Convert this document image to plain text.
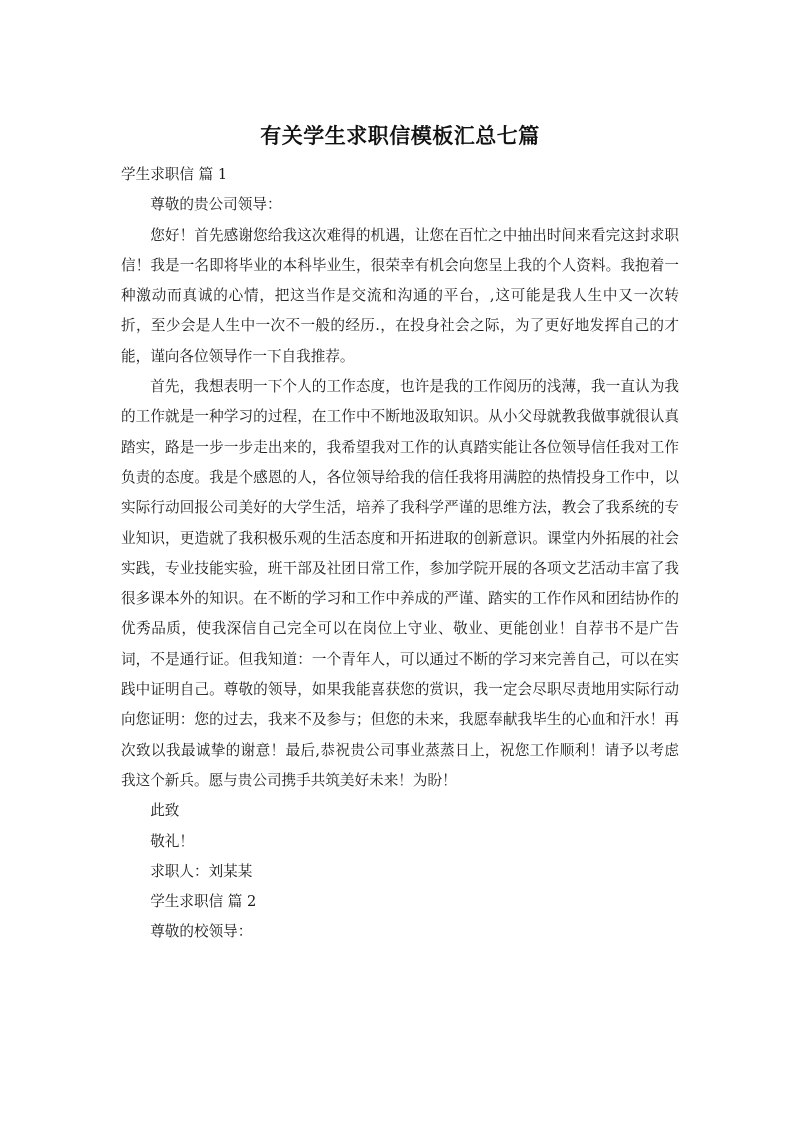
有关学生求职信模板汇总七篇

学生求职信 篇 1

尊敬的贵公司领导：

您好！首先感谢您给我这次难得的机遇，让您在百忙之中抽出时间来看完这封求职信！我是一名即将毕业的本科毕业生，很荣幸有机会向您呈上我的个人资料。我抱着一种激动而真诚的心情，把这当作是交流和沟通的平台，,这可能是我人生中又一次转折，至少会是人生中一次不一般的经历.，在投身社会之际，为了更好地发挥自己的才能，谨向各位领导作一下自我推荐。

首先，我想表明一下个人的工作态度，也许是我的工作阅历的浅薄，我一直认为我的工作就是一种学习的过程，在工作中不断地汲取知识。从小父母就教我做事就很认真踏实，路是一步一步走出来的，我希望我对工作的认真踏实能让各位领导信任我对工作负责的态度。我是个感恩的人，各位领导给我的信任我将用满腔的热情投身工作中，以实际行动回报公司美好的大学生活，培养了我科学严谨的思维方法，教会了我系统的专业知识，更造就了我积极乐观的生活态度和开拓进取的创新意识。课堂内外拓展的社会实践，专业技能实验，班干部及社团日常工作，参加学院开展的各项文艺活动丰富了我很多课本外的知识。在不断的学习和工作中养成的严谨、踏实的工作作风和团结协作的优秀品质，使我深信自己完全可以在岗位上守业、敬业、更能创业！自荐书不是广告词，不是通行证。但我知道：一个青年人，可以通过不断的学习来完善自己，可以在实践中证明自己。尊敬的领导，如果我能喜获您的赏识，我一定会尽职尽责地用实际行动向您证明：您的过去，我来不及参与；但您的未来，我愿奉献我毕生的心血和汗水！再次致以我最诚挚的谢意！最后,恭祝贵公司事业蒸蒸日上，祝您工作顺利！请予以考虑我这个新兵。愿与贵公司携手共筑美好未来！为盼！

此致

敬礼！

求职人：刘某某

学生求职信 篇 2

尊敬的校领导：
